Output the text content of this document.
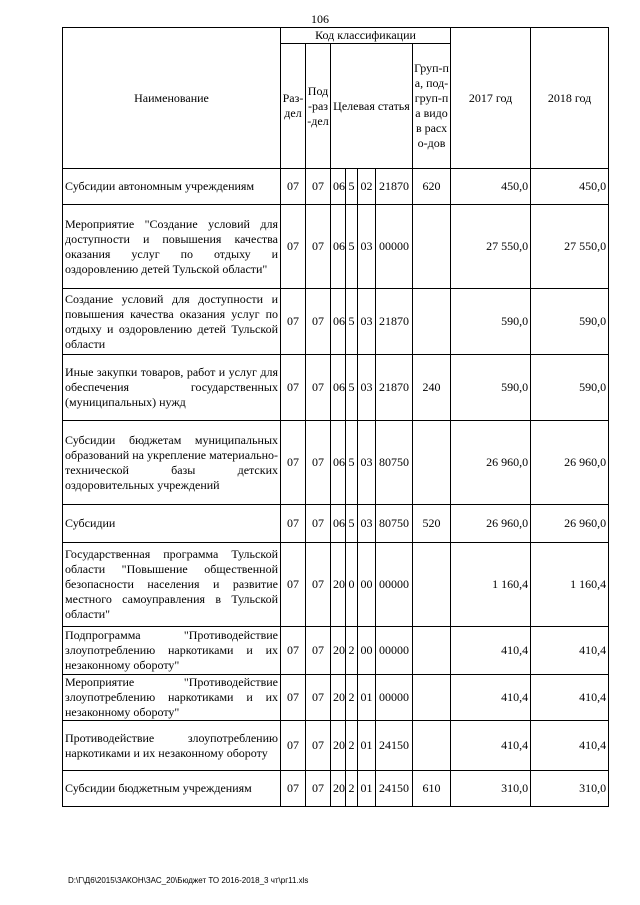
106
Наименование	Код классификации							2017 год	2018 год
	Раз-дел	Под-раз-дел	Целевая статья				Груп-па, под-груп-па видов расхо-дов		
Субсидии автономным учреждениям	07	07	06	5	02	21870	620	450,0	450,0
Мероприятие "Создание условий для доступности и повышения качества оказания услуг по отдыху и оздоровлению детей Тульской области"	07	07	06	5	03	00000		27 550,0	27 550,0
Создание условий для доступности и повышения качества оказания услуг по отдыху и оздоровлению детей Тульской области	07	07	06	5	03	21870		590,0	590,0
Иные закупки товаров, работ и услуг для обеспечения государственных (муниципальных) нужд	07	07	06	5	03	21870	240	590,0	590,0
Субсидии бюджетам муниципальных образований на укрепление материально-технической базы детских оздоровительных учреждений	07	07	06	5	03	80750		26 960,0	26 960,0
Субсидии	07	07	06	5	03	80750	520	26 960,0	26 960,0
Государственная программа Тульской области "Повышение общественной безопасности населения и развитие местного самоуправления в Тульской области"	07	07	20	0	00	00000		1 160,4	1 160,4
Подпрограмма "Противодействие злоупотреблению наркотиками и их незаконному обороту"	07	07	20	2	00	00000		410,4	410,4
Мероприятие "Противодействие злоупотреблению наркотиками и их незаконному обороту"	07	07	20	2	01	00000		410,4	410,4
Противодействие злоупотреблению наркотиками и их незаконному обороту	07	07	20	2	01	24150		410,4	410,4
Субсидии бюджетным учреждениям	07	07	20	2	01	24150	610	310,0	310,0
D:\Г\Д6\2015\ЗАКОН\ЗАС_20\Бюджет ТО 2016-2018_3 чт\рг11.xls
